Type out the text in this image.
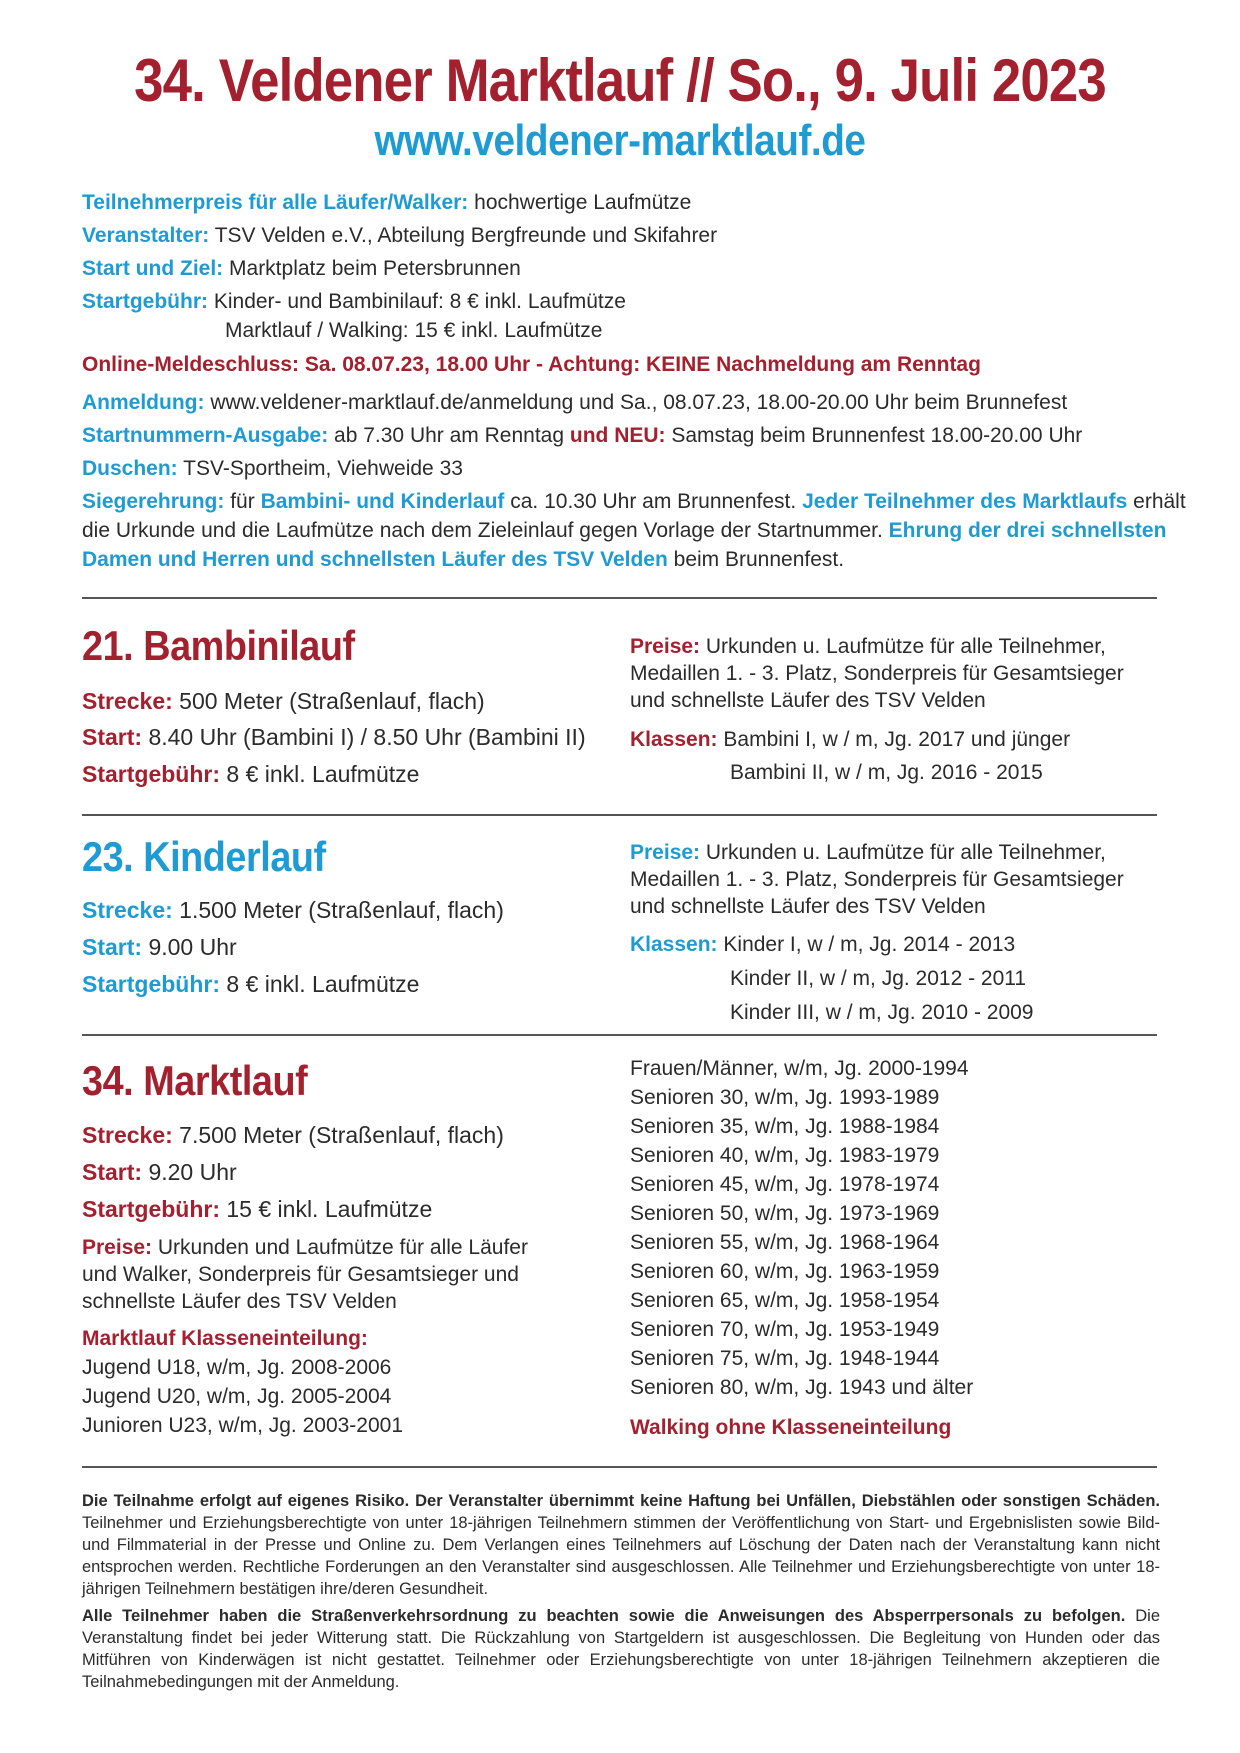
34. Veldener Marktlauf // So., 9. Juli 2023
www.veldener-marktlauf.de
Teilnehmerpreis für alle Läufer/Walker: hochwertige Laufmütze
Veranstalter: TSV Velden e.V., Abteilung Bergfreunde und Skifahrer
Start und Ziel: Marktplatz beim Petersbrunnen
Startgebühr: Kinder- und Bambinilauf: 8 € inkl. Laufmütze
Marktlauf / Walking: 15 € inkl. Laufmütze
Online-Meldeschluss: Sa. 08.07.23, 18.00 Uhr - Achtung: KEINE Nachmeldung am Renntag
Anmeldung: www.veldener-marktlauf.de/anmeldung und Sa., 08.07.23, 18.00-20.00 Uhr beim Brunnefest
Startnummern-Ausgabe: ab 7.30 Uhr am Renntag und NEU: Samstag beim Brunnenfest 18.00-20.00 Uhr
Duschen: TSV-Sportheim, Viehweide 33
Siegerehrung: für Bambini- und Kinderlauf ca. 10.30 Uhr am Brunnenfest. Jeder Teilnehmer des Marktlaufs erhält die Urkunde und die Laufmütze nach dem Zieleinlauf gegen Vorlage der Startnummer. Ehrung der drei schnellsten Damen und Herren und schnellsten Läufer des TSV Velden beim Brunnenfest.
21. Bambinilauf
Strecke: 500 Meter (Straßenlauf, flach)
Start: 8.40 Uhr (Bambini I) / 8.50 Uhr (Bambini II)
Startgebühr: 8 € inkl. Laufmütze
Preise: Urkunden u. Laufmütze für alle Teilnehmer,
Medaillen 1. - 3. Platz, Sonderpreis für Gesamtsieger
und schnellste Läufer des TSV Velden
Klassen: Bambini I, w / m, Jg. 2017 und jünger
Bambini II, w / m, Jg. 2016 - 2015
23. Kinderlauf
Strecke: 1.500 Meter (Straßenlauf, flach)
Start: 9.00 Uhr
Startgebühr: 8 € inkl. Laufmütze
Preise: Urkunden u. Laufmütze für alle Teilnehmer,
Medaillen 1. - 3. Platz, Sonderpreis für Gesamtsieger
und schnellste Läufer des TSV Velden
Klassen: Kinder I, w / m, Jg. 2014 - 2013
Kinder II, w / m, Jg. 2012 - 2011
Kinder III, w / m, Jg. 2010 - 2009
34. Marktlauf
Strecke: 7.500 Meter (Straßenlauf, flach)
Start: 9.20 Uhr
Startgebühr: 15 € inkl. Laufmütze
Preise: Urkunden und Laufmütze für alle Läufer
und Walker, Sonderpreis für Gesamtsieger und
schnellste Läufer des TSV Velden
Marktlauf Klasseneinteilung:
Jugend U18, w/m, Jg. 2008-2006
Jugend U20, w/m, Jg. 2005-2004
Junioren U23, w/m, Jg. 2003-2001
Frauen/Männer, w/m, Jg. 2000-1994
Senioren 30, w/m, Jg. 1993-1989
Senioren 35, w/m, Jg. 1988-1984
Senioren 40, w/m, Jg. 1983-1979
Senioren 45, w/m, Jg. 1978-1974
Senioren 50, w/m, Jg. 1973-1969
Senioren 55, w/m, Jg. 1968-1964
Senioren 60, w/m, Jg. 1963-1959
Senioren 65, w/m, Jg. 1958-1954
Senioren 70, w/m, Jg. 1953-1949
Senioren 75, w/m, Jg. 1948-1944
Senioren 80, w/m, Jg. 1943 und älter
Walking ohne Klasseneinteilung
Die Teilnahme erfolgt auf eigenes Risiko. Der Veranstalter übernimmt keine Haftung bei Unfällen, Diebstählen oder sonstigen Schäden. Teilnehmer und Erziehungsberechtigte von unter 18-jährigen Teilnehmern stimmen der Veröffentlichung von Start- und Ergebnislisten sowie Bild- und Filmmaterial in der Presse und Online zu. Dem Verlangen eines Teilnehmers auf Löschung der Daten nach der Veranstaltung kann nicht entsprochen werden. Rechtliche Forderungen an den Veranstalter sind ausgeschlossen. Alle Teilnehmer und Erziehungsberechtigte von unter 18-jährigen Teilnehmern bestätigen ihre/deren Gesundheit.
Alle Teilnehmer haben die Straßenverkehrsordnung zu beachten sowie die Anweisungen des Absperrpersonals zu befolgen. Die Veranstaltung findet bei jeder Witterung statt. Die Rückzahlung von Startgeldern ist ausgeschlossen. Die Begleitung von Hunden oder das Mitführen von Kinderwägen ist nicht gestattet. Teilnehmer oder Erziehungsberechtigte von unter 18-jährigen Teilnehmern akzeptieren die Teilnahmebedingungen mit der Anmeldung.
